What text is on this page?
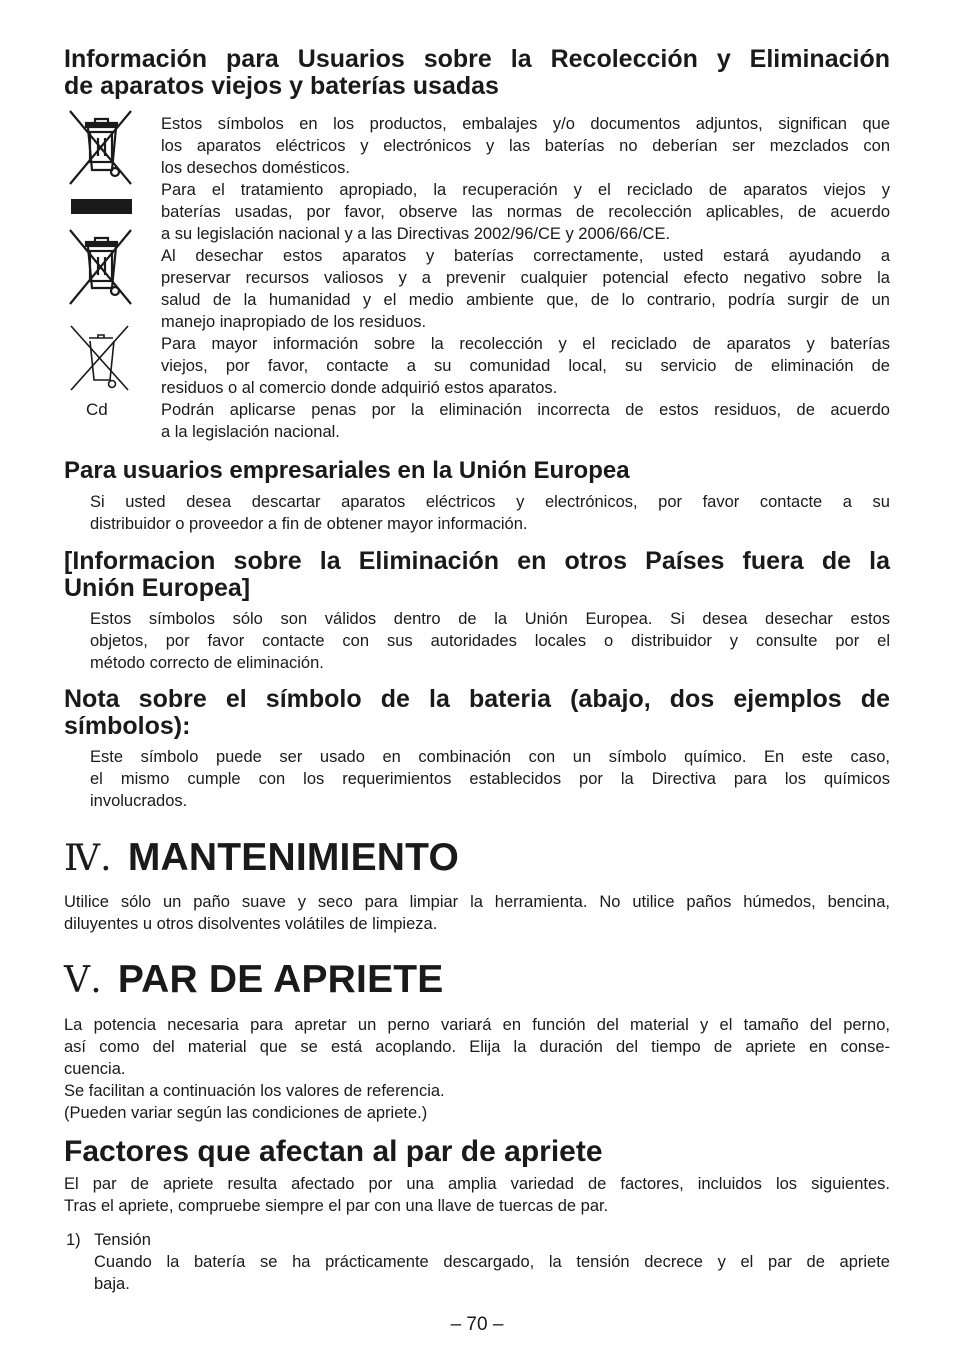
Información para Usuarios sobre la Recolección y Eliminación
de aparatos viejos y baterías usadas
Estos símbolos en los productos, embalajes y/o documentos adjuntos, significan que
los aparatos eléctricos y electrónicos y las baterías no deberían ser mezclados con
los desechos domésticos.
Para el tratamiento apropiado, la recuperación y el reciclado de aparatos viejos y
baterías usadas, por favor, observe las normas de recolección aplicables, de acuerdo
a su legislación nacional y a las Directivas 2002/96/CE y 2006/66/CE.
Al desechar estos aparatos y baterías correctamente, usted estará ayudando a
preservar recursos valiosos y a prevenir cualquier potencial efecto negativo sobre la
salud de la humanidad y el medio ambiente que, de lo contrario, podría surgir de un
manejo inapropiado de los residuos.
Para mayor información sobre la recolección y el reciclado de aparatos y baterías
viejos, por favor, contacte a su comunidad local, su servicio de eliminación de
residuos o al comercio donde adquirió estos aparatos.
Podrán aplicarse penas por la eliminación incorrecta de estos residuos, de acuerdo
a la legislación nacional.
Para usuarios empresariales en la Unión Europea
Si usted desea descartar aparatos eléctricos y electrónicos, por favor contacte a su
distribuidor o proveedor a fin de obtener mayor información.
[Informacion sobre la Eliminación en otros Países fuera de la
Unión Europea]
Estos símbolos sólo son válidos dentro de la Unión Europea. Si desea desechar estos
objetos, por favor contacte con sus autoridades locales o distribuidor y consulte por el
método correcto de eliminación.
Nota sobre el símbolo de la bateria (abajo, dos ejemplos de
símbolos):
Este símbolo puede ser usado en combinación con un símbolo químico. En este caso,
el mismo cumple con los requerimientos establecidos por la Directiva para los químicos
involucrados.
Ⅳ. MANTENIMIENTO
Utilice sólo un paño suave y seco para limpiar la herramienta. No utilice paños húmedos, bencina,
diluyentes u otros disolventes volátiles de limpieza.
Ⅴ. PAR DE APRIETE
La potencia necesaria para apretar un perno variará en función del material y el tamaño del perno,
así como del material que se está acoplando. Elija la duración del tiempo de apriete en conse-
cuencia.
Se facilitan a continuación los valores de referencia.
(Pueden variar según las condiciones de apriete.)
Factores que afectan al par de apriete
El par de apriete resulta afectado por una amplia variedad de factores, incluidos los siguientes.
Tras el apriete, compruebe siempre el par con una llave de tuercas de par.
1) Tensión
Cuando la batería se ha prácticamente descargado, la tensión decrece y el par de apriete
baja.
Cd
– 70 –
